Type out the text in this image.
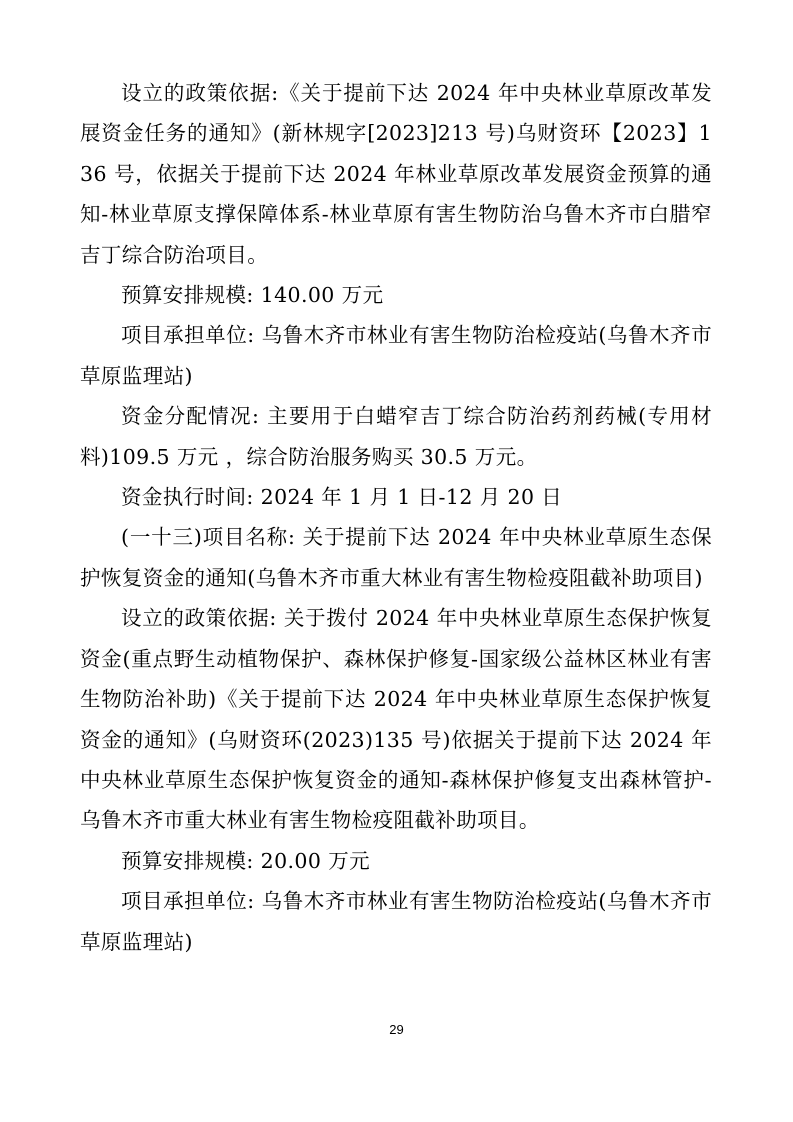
设立的政策依据:《关于提前下达 2024 年中央林业草原改革发展资金任务的通知》(新林规字[2023]213 号)乌财资环【2023】136 号，依据关于提前下达 2024 年林业草原改革发展资金预算的通知-林业草原支撑保障体系-林业草原有害生物防治乌鲁木齐市白腊窄吉丁综合防治项目。

预算安排规模: 140.00 万元

项目承担单位: 乌鲁木齐市林业有害生物防治检疫站(乌鲁木齐市草原监理站)

资金分配情况: 主要用于白蜡窄吉丁综合防治药剂药械(专用材料)109.5 万元 ，综合防治服务购买 30.5 万元。

资金执行时间: 2024 年 1 月 1 日-12 月 20 日

(一十三)项目名称: 关于提前下达 2024 年中央林业草原生态保护恢复资金的通知(乌鲁木齐市重大林业有害生物检疫阻截补助项目)

设立的政策依据: 关于拨付 2024 年中央林业草原生态保护恢复资金(重点野生动植物保护、森林保护修复-国家级公益林区林业有害生物防治补助)《关于提前下达 2024 年中央林业草原生态保护恢复资金的通知》(乌财资环(2023)135 号)依据关于提前下达 2024 年中央林业草原生态保护恢复资金的通知-森林保护修复支出森林管护-乌鲁木齐市重大林业有害生物检疫阻截补助项目。

预算安排规模: 20.00 万元

项目承担单位: 乌鲁木齐市林业有害生物防治检疫站(乌鲁木齐市草原监理站)

29
